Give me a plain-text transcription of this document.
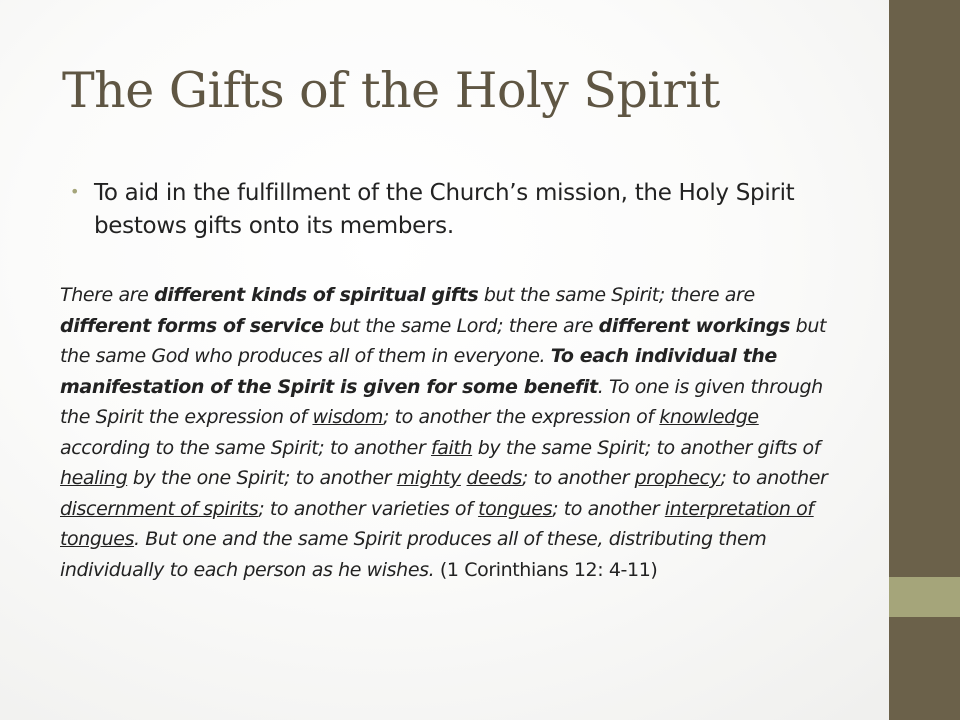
The Gifts of the Holy Spirit
• To aid in the fulfillment of the Church’s mission, the Holy Spirit bestows gifts onto its members.

There are different kinds of spiritual gifts but the same Spirit; there are different forms of service but the same Lord; there are different workings but the same God who produces all of them in everyone. To each individual the manifestation of the Spirit is given for some benefit. To one is given through the Spirit the expression of wisdom; to another the expression of knowledge according to the same Spirit; to another faith by the same Spirit; to another gifts of healing by the one Spirit; to another mighty deeds; to another prophecy; to another discernment of spirits; to another varieties of tongues; to another interpretation of tongues. But one and the same Spirit produces all of these, distributing them individually to each person as he wishes. (1 Corinthians 12: 4-11)
